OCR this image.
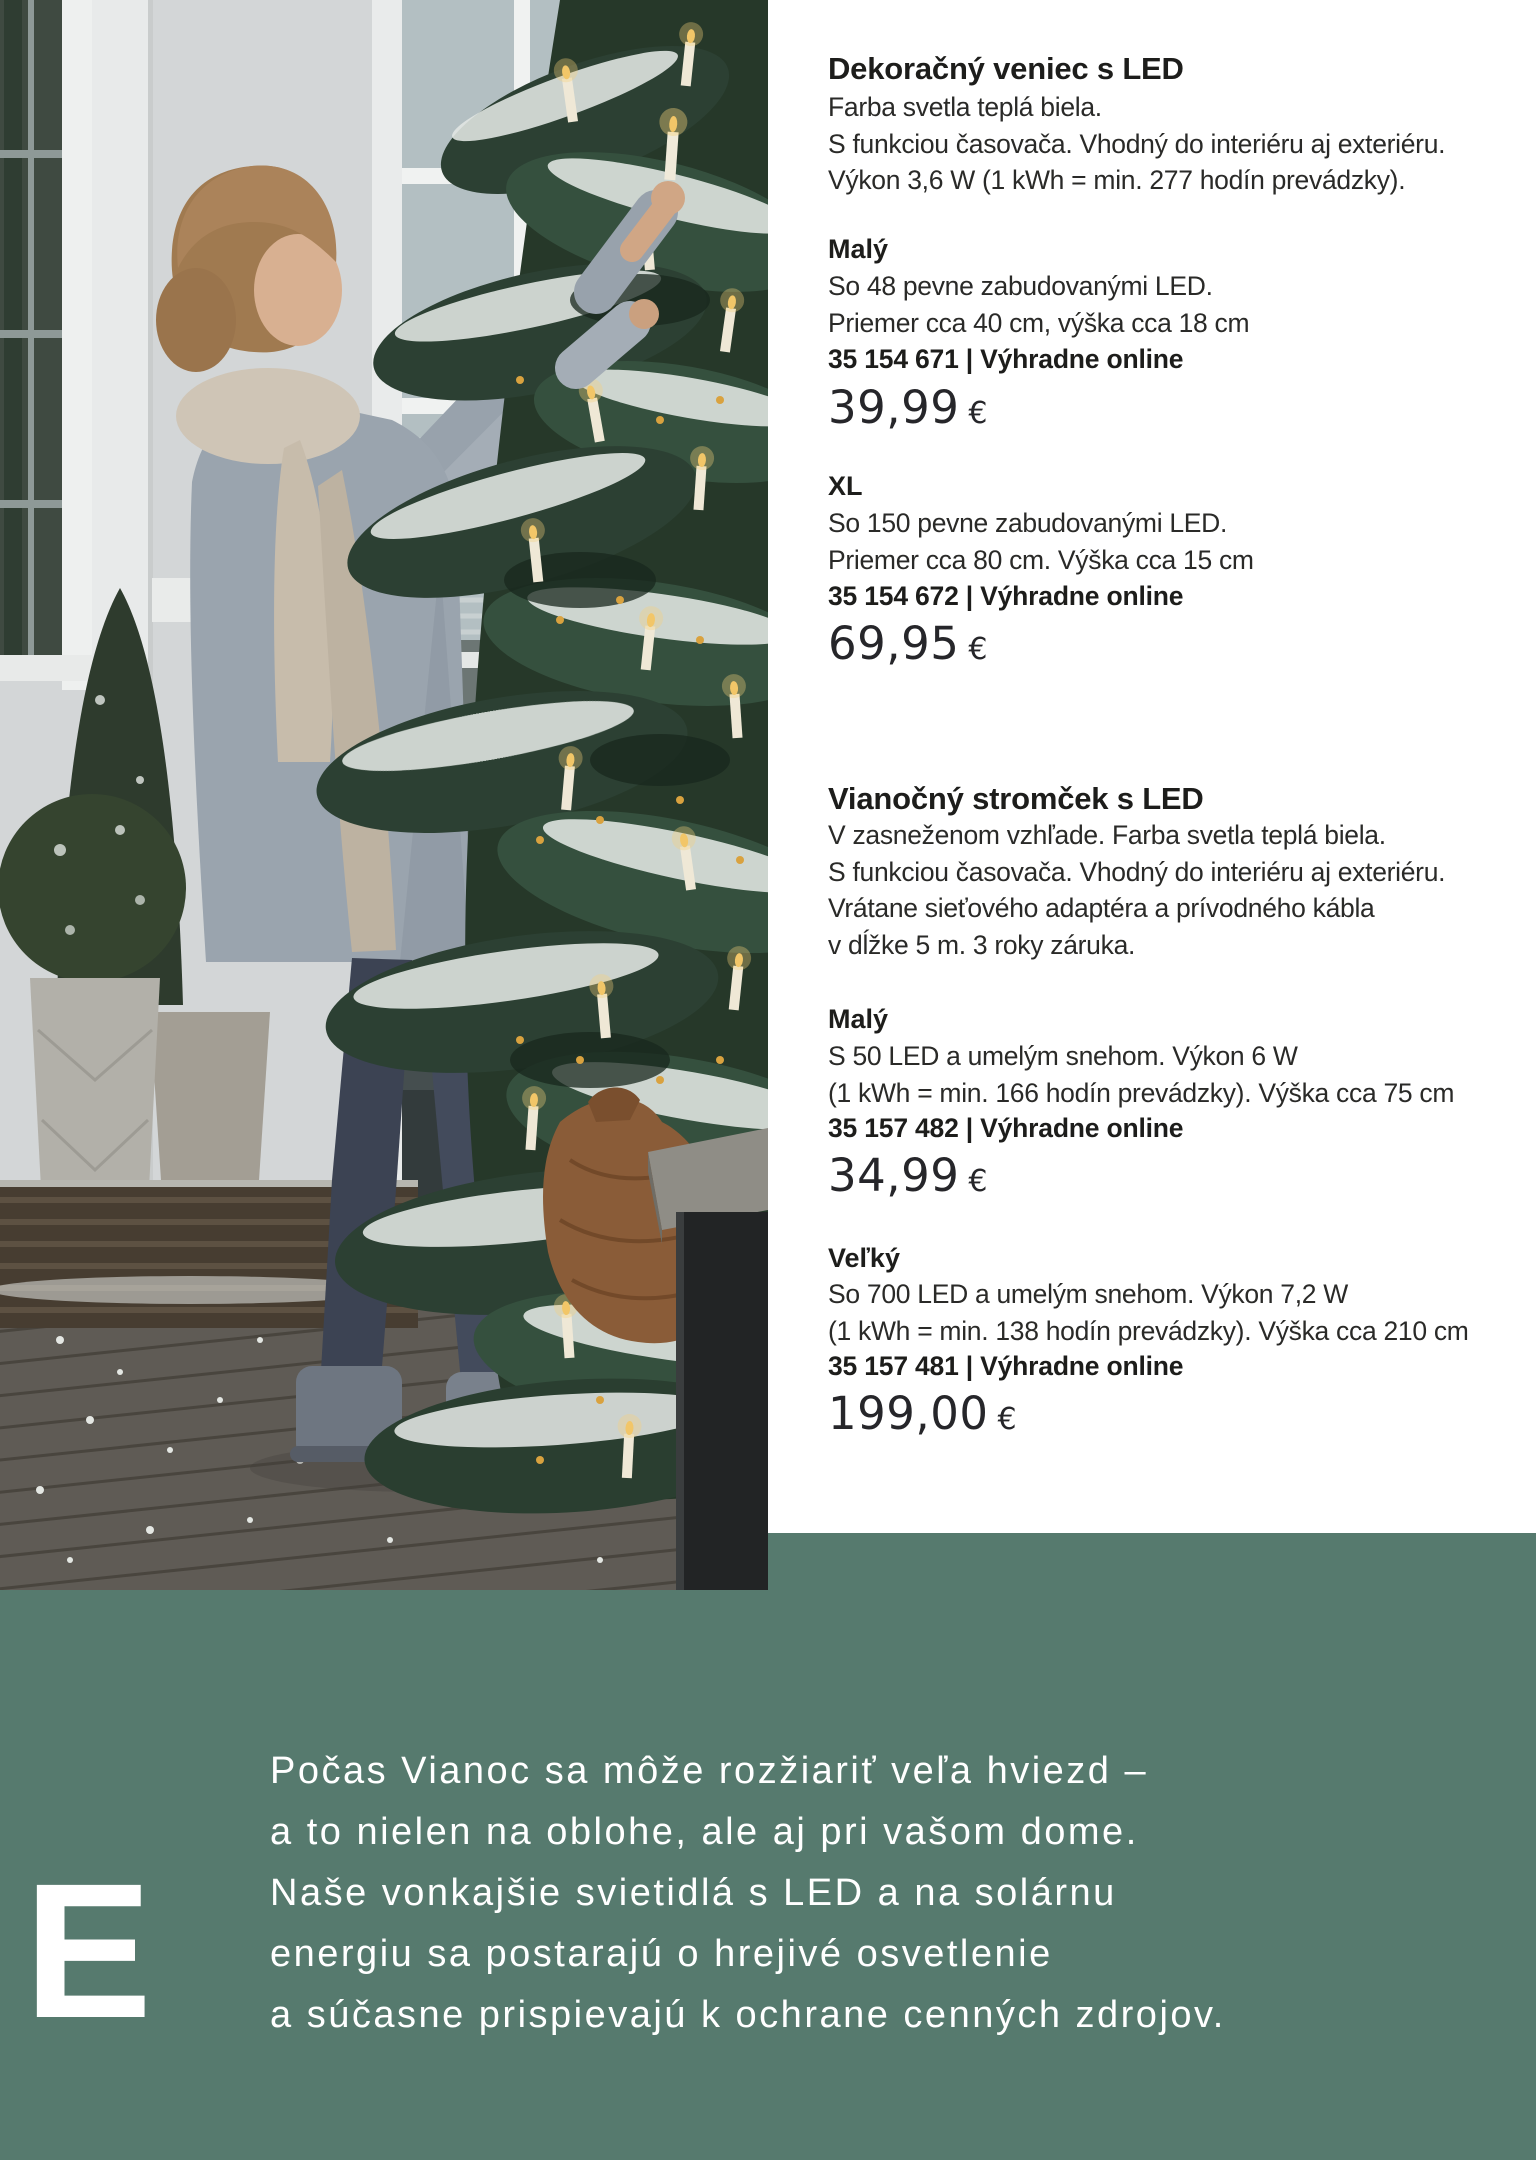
Dekoračný veniec s LED
Farba svetla teplá biela.
S funkciou časovača. Vhodný do interiéru aj exteriéru.
Výkon 3,6 W (1 kWh = min. 277 hodín prevádzky).
Malý
So 48 pevne zabudovanými LED.
Priemer cca 40 cm, výška cca 18 cm
35 154 671 | Výhradne online
39,99 €
XL
So 150 pevne zabudovanými LED.
Priemer cca 80 cm. Výška cca 15 cm
35 154 672 | Výhradne online
69,95 €
Vianočný stromček s LED
V zasneženom vzhľade. Farba svetla teplá biela.
S funkciou časovača. Vhodný do interiéru aj exteriéru.
Vrátane sieťového adaptéra a prívodného kábla
v dĺžke 5 m. 3 roky záruka.
Malý
S 50 LED a umelým snehom. Výkon 6 W
(1 kWh = min. 166 hodín prevádzky). Výška cca 75 cm
35 157 482 | Výhradne online
34,99 €
Veľký
So 700 LED a umelým snehom. Výkon 7,2 W
(1 kWh = min. 138 hodín prevádzky). Výška cca 210 cm
35 157 481 | Výhradne online
199,00 €
E
Počas Vianoc sa môže rozžiariť veľa hviezd –
a to nielen na oblohe, ale aj pri vašom dome.
Naše vonkajšie svietidlá s LED a na solárnu
energiu sa postarajú o hrejivé osvetlenie
a súčasne prispievajú k ochrane cenných zdrojov.
